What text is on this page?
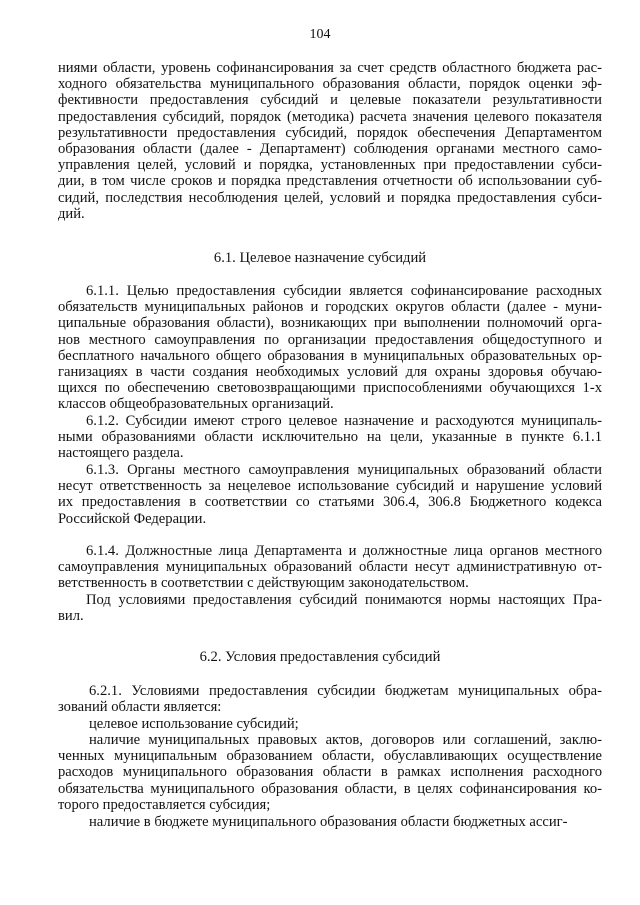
104
ниями области, уровень софинансирования за счет средств областного бюджета рас-
ходного обязательства муниципального образования области, порядок оценки эф-
фективности предоставления субсидий и целевые показатели результативности
предоставления субсидий, порядок (методика) расчета значения целевого показателя
результативности предоставления субсидий, порядок обеспечения Департаментом
образования области (далее - Департамент) соблюдения органами местного само-
управления целей, условий и порядка, установленных при предоставлении субси-
дии, в том числе сроков и порядка представления отчетности об использовании суб-
сидий, последствия несоблюдения целей, условий и порядка предоставления субси-
дий.
6.1. Целевое назначение субсидий
6.1.1. Целью предоставления субсидии является софинансирование расходных
обязательств муниципальных районов и городских округов области (далее - муни-
ципальные образования области), возникающих при выполнении полномочий орга-
нов местного самоуправления по организации предоставления общедоступного и
бесплатного начального общего образования в муниципальных образовательных ор-
ганизациях в части создания необходимых условий для охраны здоровья обучаю-
щихся по обеспечению световозвращающими приспособлениями обучающихся 1-х
классов общеобразовательных организаций.
6.1.2. Субсидии имеют строго целевое назначение и расходуются муниципаль-
ными образованиями области исключительно на цели, указанные в пункте 6.1.1
настоящего раздела.
6.1.3. Органы местного самоуправления муниципальных образований области
несут ответственность за нецелевое использование субсидий и нарушение условий
их предоставления в соответствии со статьями 306.4, 306.8 Бюджетного кодекса
Российской Федерации.
6.1.4. Должностные лица Департамента и должностные лица органов местного
самоуправления муниципальных образований области несут административную от-
ветственность в соответствии с действующим законодательством.
Под условиями предоставления субсидий понимаются нормы настоящих Пра-
вил.
6.2. Условия предоставления субсидий
6.2.1. Условиями предоставления субсидии бюджетам муниципальных обра-
зований области является:
целевое использование субсидий;
наличие муниципальных правовых актов, договоров или соглашений, заклю-
ченных муниципальным образованием области, обуславливающих осуществление
расходов муниципального образования области в рамках исполнения расходного
обязательства муниципального образования области, в целях софинансирования ко-
торого предоставляется субсидия;
наличие в бюджете муниципального образования области бюджетных ассиг-
